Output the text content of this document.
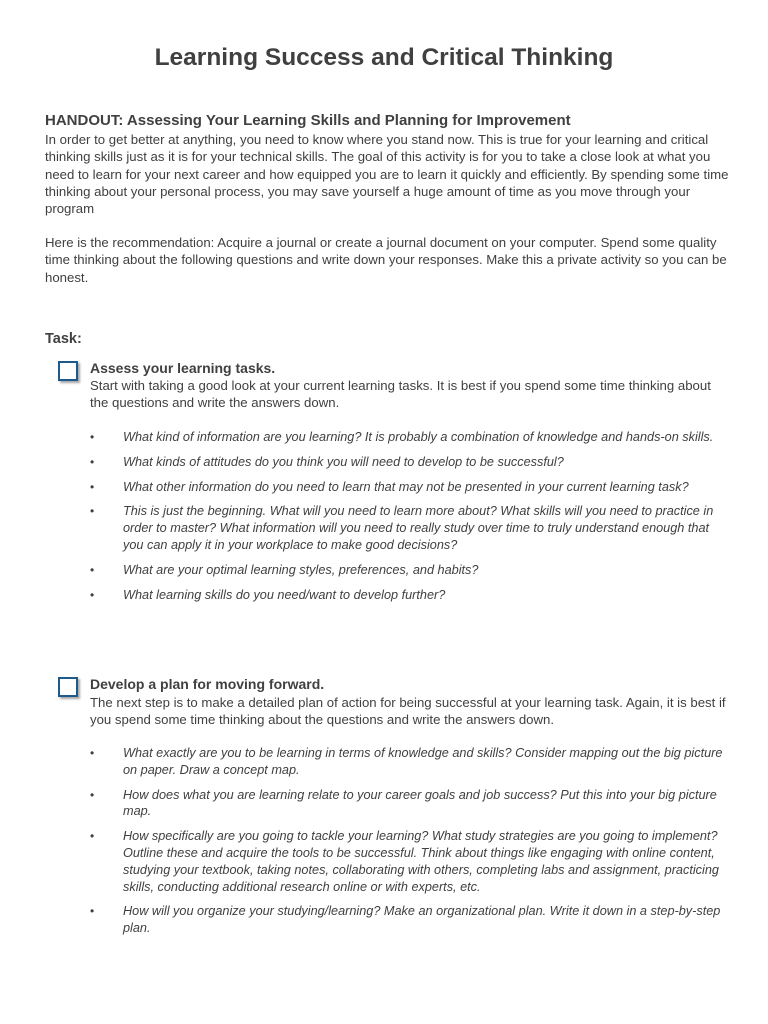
Learning Success and Critical Thinking
HANDOUT: Assessing Your Learning Skills and Planning for Improvement
In order to get better at anything, you need to know where you stand now. This is true for your learning and critical thinking skills just as it is for your technical skills. The goal of this activity is for you to take a close look at what you need to learn for your next career and how equipped you are to learn it quickly and efficiently. By spending some time thinking about your personal process, you may save yourself a huge amount of time as you move through your program
Here is the recommendation: Acquire a journal or create a journal document on your computer. Spend some quality time thinking about the following questions and write down your responses. Make this a private activity so you can be honest.
Task:
Assess your learning tasks.
Start with taking a good look at your current learning tasks. It is best if you spend some time thinking about the questions and write the answers down.
• What kind of information are you learning? It is probably a combination of knowledge and hands-on skills.
• What kinds of attitudes do you think you will need to develop to be successful?
• What other information do you need to learn that may not be presented in your current learning task?
• This is just the beginning. What will you need to learn more about? What skills will you need to practice in order to master? What information will you need to really study over time to truly understand enough that you can apply it in your workplace to make good decisions?
• What are your optimal learning styles, preferences, and habits?
• What learning skills do you need/want to develop further?
Develop a plan for moving forward.
The next step is to make a detailed plan of action for being successful at your learning task. Again, it is best if you spend some time thinking about the questions and write the answers down.
• What exactly are you to be learning in terms of knowledge and skills? Consider mapping out the big picture on paper. Draw a concept map.
• How does what you are learning relate to your career goals and job success? Put this into your big picture map.
• How specifically are you going to tackle your learning? What study strategies are you going to implement? Outline these and acquire the tools to be successful. Think about things like engaging with online content, studying your textbook, taking notes, collaborating with others, completing labs and assignment, practicing skills, conducting additional research online or with experts, etc.
• How will you organize your studying/learning? Make an organizational plan. Write it down in a step-by-step plan.
